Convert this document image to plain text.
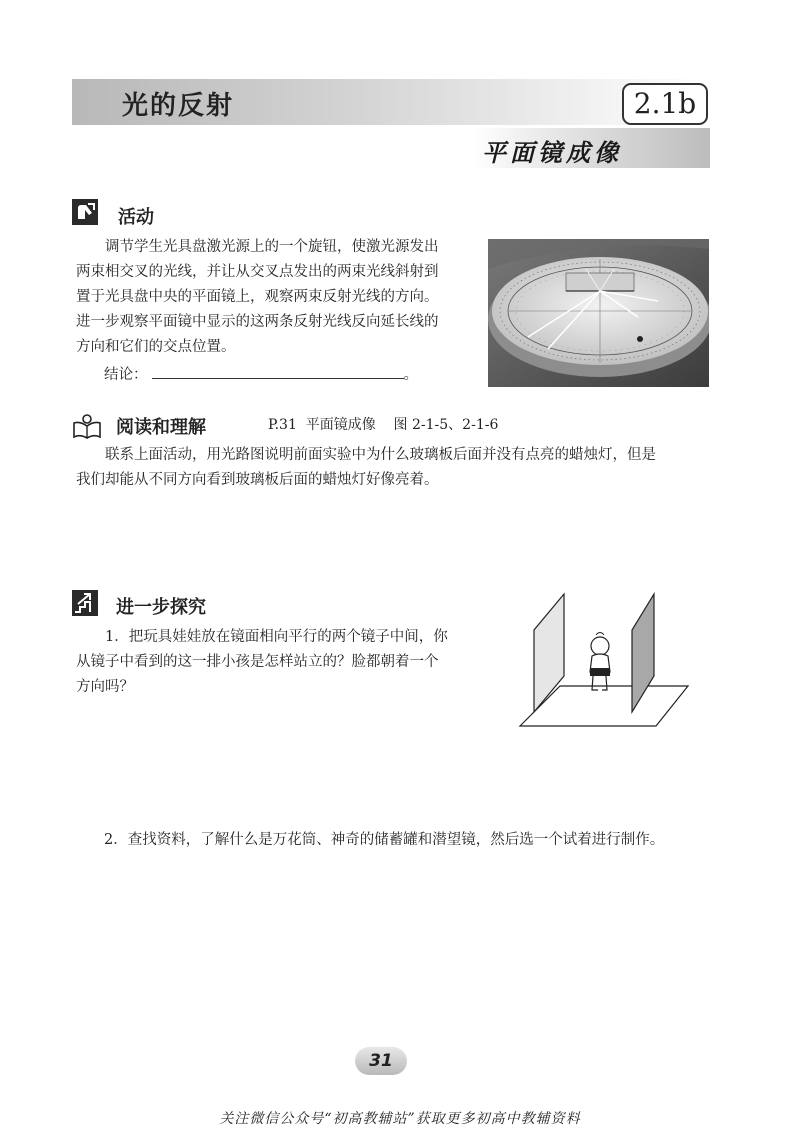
光的反射	2.1b
平面镜成像
活动
调节学生光具盘激光源上的一个旋钮，使激光源发出
两束相交叉的光线，并让从交叉点发出的两束光线斜射到
置于光具盘中央的平面镜上，观察两束反射光线的方向。
进一步观察平面镜中显示的这两条反射光线反向延长线的
方向和它们的交点位置。
结论：	。
阅读和理解	P.31  平面镜成像    图 2-1-5、2-1-6
联系上面活动，用光路图说明前面实验中为什么玻璃板后面并没有点亮的蜡烛灯，但是
我们却能从不同方向看到玻璃板后面的蜡烛灯好像亮着。
进一步探究
1．把玩具娃娃放在镜面相向平行的两个镜子中间，你
从镜子中看到的这一排小孩是怎样站立的？脸都朝着一个
方向吗？
2．查找资料，了解什么是万花筒、神奇的储蓄罐和潜望镜，然后选一个试着进行制作。
31
关注微信公众号“初高教辅站”获取更多初高中教辅资料
